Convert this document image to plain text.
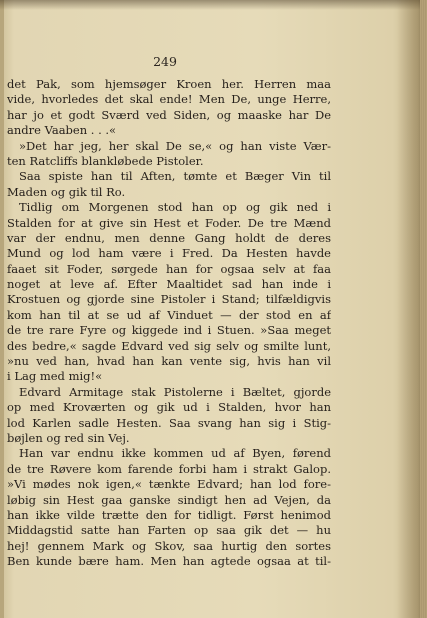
249
det Pak, som hjemsøger Kroen her. Herren maa
vide, hvorledes det skal ende! Men De, unge Herre,
har jo et godt Sværd ved Siden, og maaske har De
andre Vaaben . . .«
»Det har jeg, her skal De se,« og han viste Vær-
ten Ratcliffs blankløbede Pistoler.
Saa spiste han til Aften, tømte et Bæger Vin til
Maden og gik til Ro.
Tidlig om Morgenen stod han op og gik ned i
Stalden for at give sin Hest et Foder. De tre Mænd
var der endnu, men denne Gang holdt de deres
Mund og lod ham være i Fred. Da Hesten havde
faaet sit Foder, sørgede han for ogsaa selv at faa
noget at leve af. Efter Maaltidet sad han inde i
Krostuen og gjorde sine Pistoler i Stand; tilfældigvis
kom han til at se ud af Vinduet — der stod en af
de tre rare Fyre og kiggede ind i Stuen. »Saa meget
des bedre,« sagde Edvard ved sig selv og smilte lunt,
»nu ved han, hvad han kan vente sig, hvis han vil
i Lag med mig!«
Edvard Armitage stak Pistolerne i Bæltet, gjorde
op med Kroværten og gik ud i Stalden, hvor han
lod Karlen sadle Hesten. Saa svang han sig i Stig-
bøjlen og red sin Vej.
Han var endnu ikke kommen ud af Byen, førend
de tre Røvere kom farende forbi ham i strakt Galop.
»Vi mødes nok igen,« tænkte Edvard; han lod fore-
løbig sin Hest gaa ganske sindigt hen ad Vejen, da
han ikke vilde trætte den for tidligt. Først henimod
Middagstid satte han Farten op saa gik det — hu
hej! gennem Mark og Skov, saa hurtig den sortes
Ben kunde bære ham. Men han agtede ogsaa at til-
